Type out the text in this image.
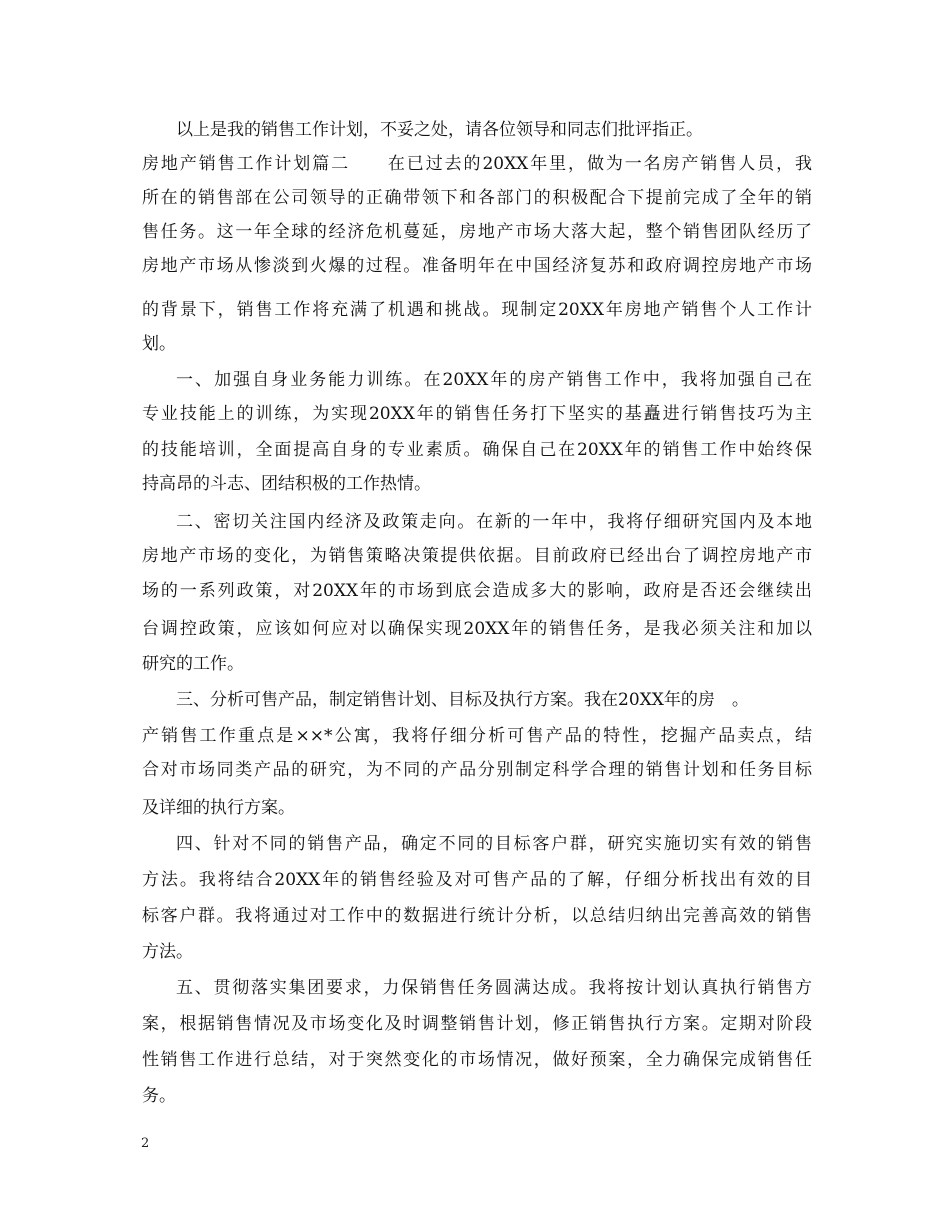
以上是我的销售工作计划，不妥之处，请各位领导和同志们批评指正。
房地产销售工作计划篇二　　在已过去的20XX年里，做为一名房产销售人员，我
所在的销售部在公司领导的正确带领下和各部门的积极配合下提前完成了全年的销
售任务。这一年全球的经济危机蔓延，房地产市场大落大起，整个销售团队经历了
房地产市场从惨淡到火爆的过程。准备明年在中国经济复苏和政府调控房地产市场
的背景下，销售工作将充满了机遇和挑战。现制定20XX年房地产销售个人工作计
划。
一、加强自身业务能力训练。在20XX年的房产销售工作中，我将加强自己在
专业技能上的训练，为实现20XX年的销售任务打下坚实的基矗进行销售技巧为主
的技能培训，全面提高自身的专业素质。确保自己在20XX年的销售工作中始终保
持高昂的斗志、团结积极的工作热情。
二、密切关注国内经济及政策走向。在新的一年中，我将仔细研究国内及本地
房地产市场的变化，为销售策略决策提供依据。目前政府已经出台了调控房地产市
场的一系列政策，对20XX年的市场到底会造成多大的影响，政府是否还会继续出
台调控政策，应该如何应对以确保实现20XX年的销售任务，是我必须关注和加以
研究的工作。
三、分析可售产品，制定销售计划、目标及执行方案。我在20XX年的房　。
产销售工作重点是××*公寓，我将仔细分析可售产品的特性，挖掘产品卖点，结
合对市场同类产品的研究，为不同的产品分别制定科学合理的销售计划和任务目标
及详细的执行方案。
四、针对不同的销售产品，确定不同的目标客户群，研究实施切实有效的销售
方法。我将结合20XX年的销售经验及对可售产品的了解，仔细分析找出有效的目
标客户群。我将通过对工作中的数据进行统计分析，以总结归纳出完善高效的销售
方法。
五、贯彻落实集团要求，力保销售任务圆满达成。我将按计划认真执行销售方
案，根据销售情况及市场变化及时调整销售计划，修正销售执行方案。定期对阶段
性销售工作进行总结，对于突然变化的市场情况，做好预案，全力确保完成销售任
务。
2
